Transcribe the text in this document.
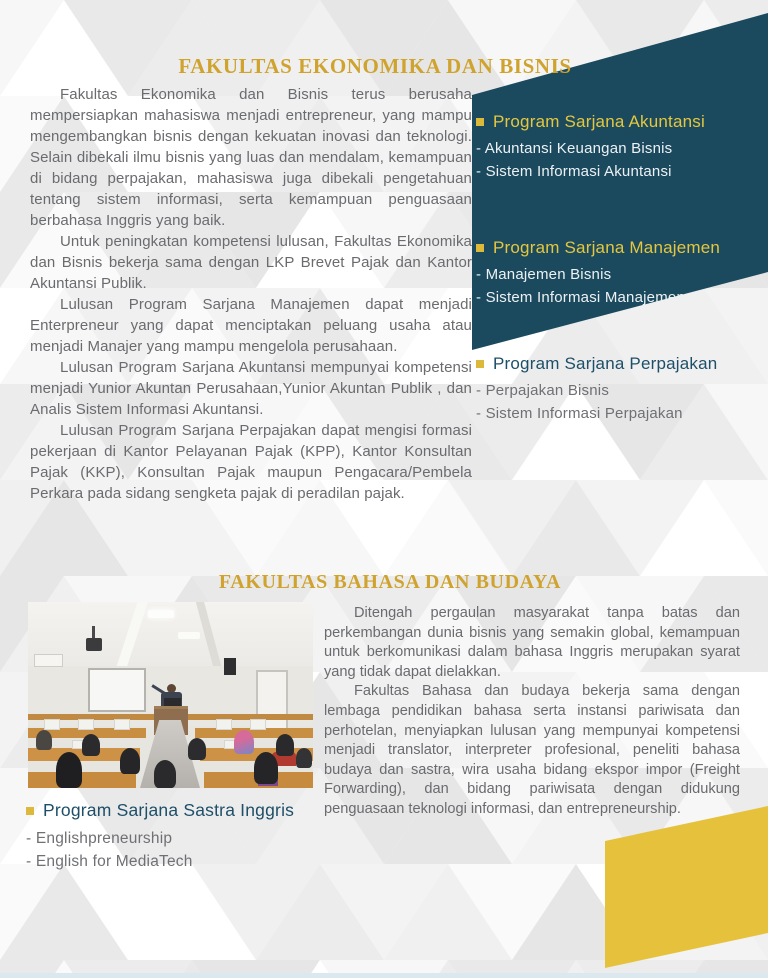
FAKULTAS EKONOMIKA DAN BISNIS

Fakultas Ekonomika dan Bisnis terus berusaha mempersiapkan mahasiswa menjadi entrepreneur, yang mampu mengembangkan bisnis dengan kekuatan inovasi dan teknologi. Selain dibekali ilmu bisnis yang luas dan mendalam, kemampuan di bidang perpajakan, mahasiswa juga dibekali pengetahuan tentang sistem informasi, serta kemampuan penguasaan berbahasa Inggris yang baik.

Untuk peningkatan kompetensi lulusan, Fakultas Ekonomika dan Bisnis bekerja sama dengan LKP Brevet Pajak dan Kantor Akuntansi Publik.

Lulusan Program Sarjana Manajemen dapat menjadi Enterpreneur yang dapat menciptakan peluang usaha atau menjadi Manajer yang mampu mengelola perusahaan.

Lulusan Program Sarjana Akuntansi mempunyai kompetensi menjadi Yunior Akuntan Perusahaan,Yunior Akuntan Publik , dan Analis Sistem Informasi Akuntansi.

Lulusan Program Sarjana Perpajakan dapat mengisi formasi pekerjaan di Kantor Pelayanan Pajak (KPP), Kantor Konsultan Pajak (KKP), Konsultan Pajak maupun Pengacara/Pembela Perkara pada sidang sengketa pajak di peradilan pajak.

Program Sarjana Akuntansi
- Akuntansi Keuangan Bisnis
- Sistem Informasi Akuntansi
Program Sarjana Manajemen
- Manajemen Bisnis
- Sistem Informasi Manajemen
Program Sarjana Perpajakan
- Perpajakan Bisnis
- Sistem Informasi Perpajakan
FAKULTAS BAHASA DAN BUDAYA

Ditengah pergaulan masyarakat tanpa batas dan perkembangan dunia bisnis yang semakin global, kemampuan untuk berkomunikasi dalam bahasa Inggris merupakan syarat yang tidak dapat dielakkan.

Fakultas Bahasa dan budaya bekerja sama dengan lembaga pendidikan bahasa serta instansi pariwisata dan perhotelan, menyiapkan lulusan yang mempunyai kompetensi menjadi translator, interpreter profesional, peneliti bahasa budaya dan sastra, wira usaha bidang ekspor impor (Freight Forwarding), dan bidang pariwisata dengan didukung penguasaan teknologi informasi, dan entrepreneurship.

Program Sarjana Sastra Inggris
- Englishpreneurship
- English for MediaTech
